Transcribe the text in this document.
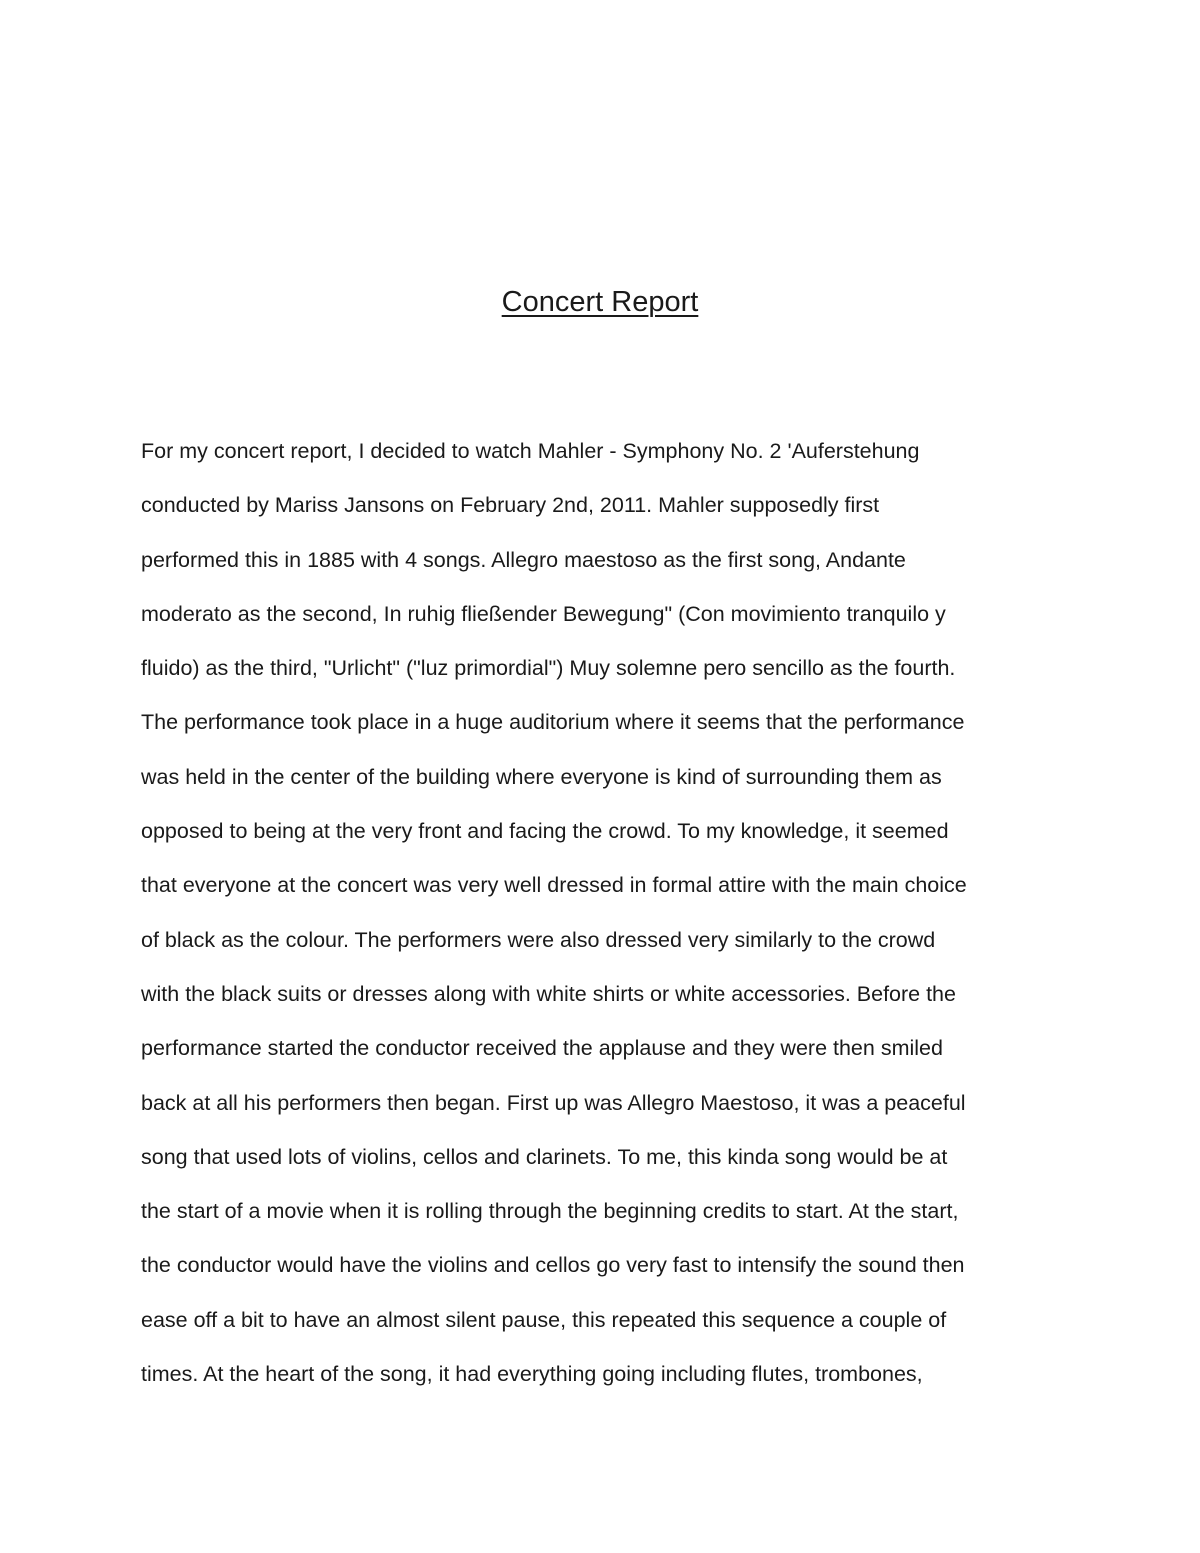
Concert Report
For my concert report, I decided to watch Mahler - Symphony No. 2 'Auferstehung
conducted by Mariss Jansons on February 2nd, 2011. Mahler supposedly first
performed this in 1885 with 4 songs. Allegro maestoso as the first song, Andante
moderato as the second, In ruhig fließender Bewegung" (Con movimiento tranquilo y
fluido) as the third, "Urlicht" ("luz primordial") Muy solemne pero sencillo as the fourth.
The performance took place in a huge auditorium where it seems that the performance
was held in the center of the building where everyone is kind of surrounding them as
opposed to being at the very front and facing the crowd. To my knowledge, it seemed
that everyone at the concert was very well dressed in formal attire with the main choice
of black as the colour. The performers were also dressed very similarly to the crowd
with the black suits or dresses along with white shirts or white accessories. Before the
performance started the conductor received the applause and they were then smiled
back at all his performers then began. First up was Allegro Maestoso, it was a peaceful
song that used lots of violins, cellos and clarinets. To me, this kinda song would be at
the start of a movie when it is rolling through the beginning credits to start. At the start,
the conductor would have the violins and cellos go very fast to intensify the sound then
ease off a bit to have an almost silent pause, this repeated this sequence a couple of
times. At the heart of the song, it had everything going including flutes, trombones,
